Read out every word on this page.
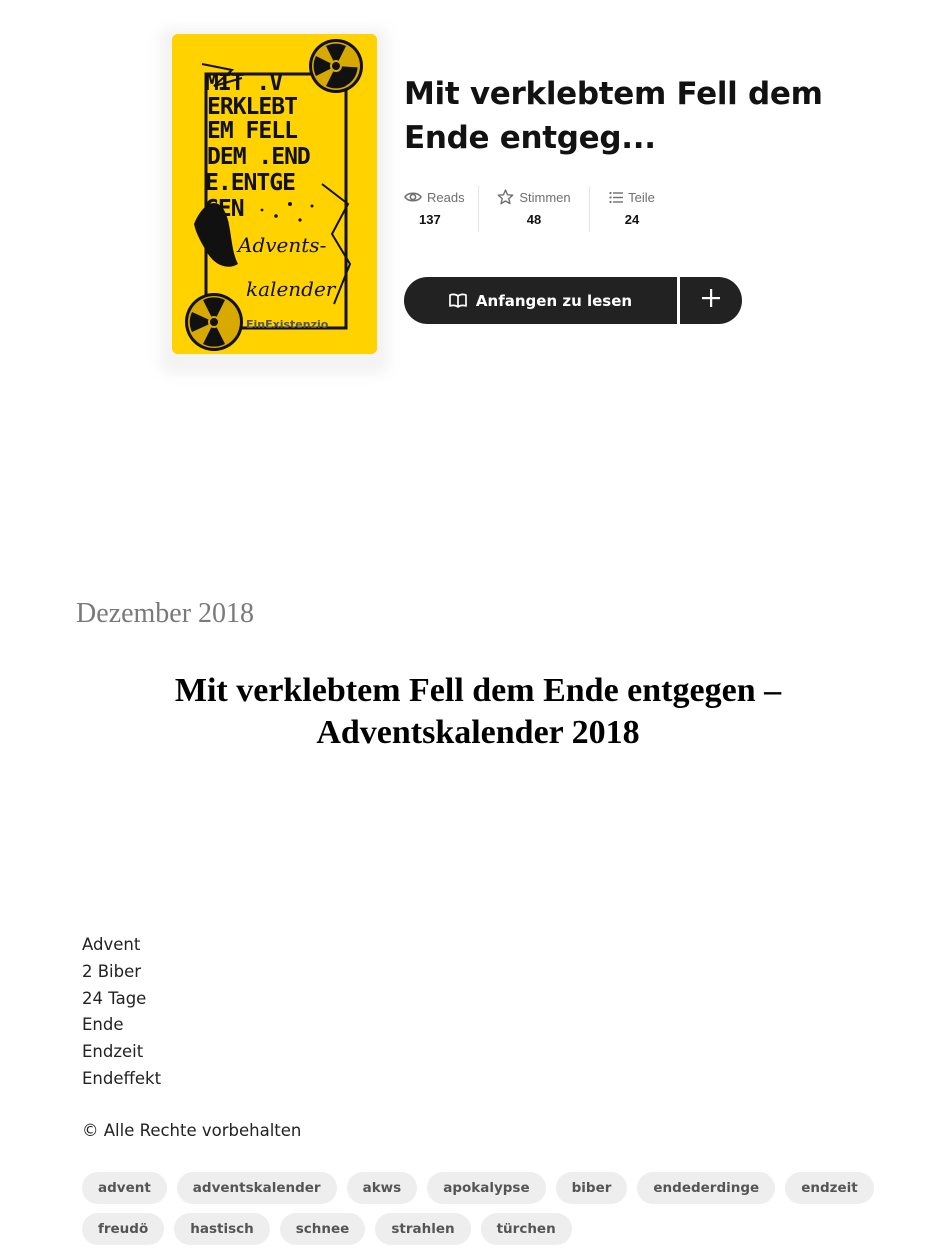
MIT .V ERKLEBT EM FELL DEM .END E.ENTGE GEN
Advents- kalender
EinExistenzio
Mit verklebtem Fell dem Ende entgeg...
Reads
137
Stimmen
48
Teile
24
Anfangen zu lesen
Dezember 2018
Mit verklebtem Fell dem Ende entgegen – Adventskalender 2018
Advent
2 Biber
24 Tage
Ende
Endzeit
Endeffekt
© Alle Rechte vorbehalten
advent	adventskalender	akws	apokalypse	biber	endederdinge	endzeit
freudö	hastisch	schnee	strahlen	türchen
